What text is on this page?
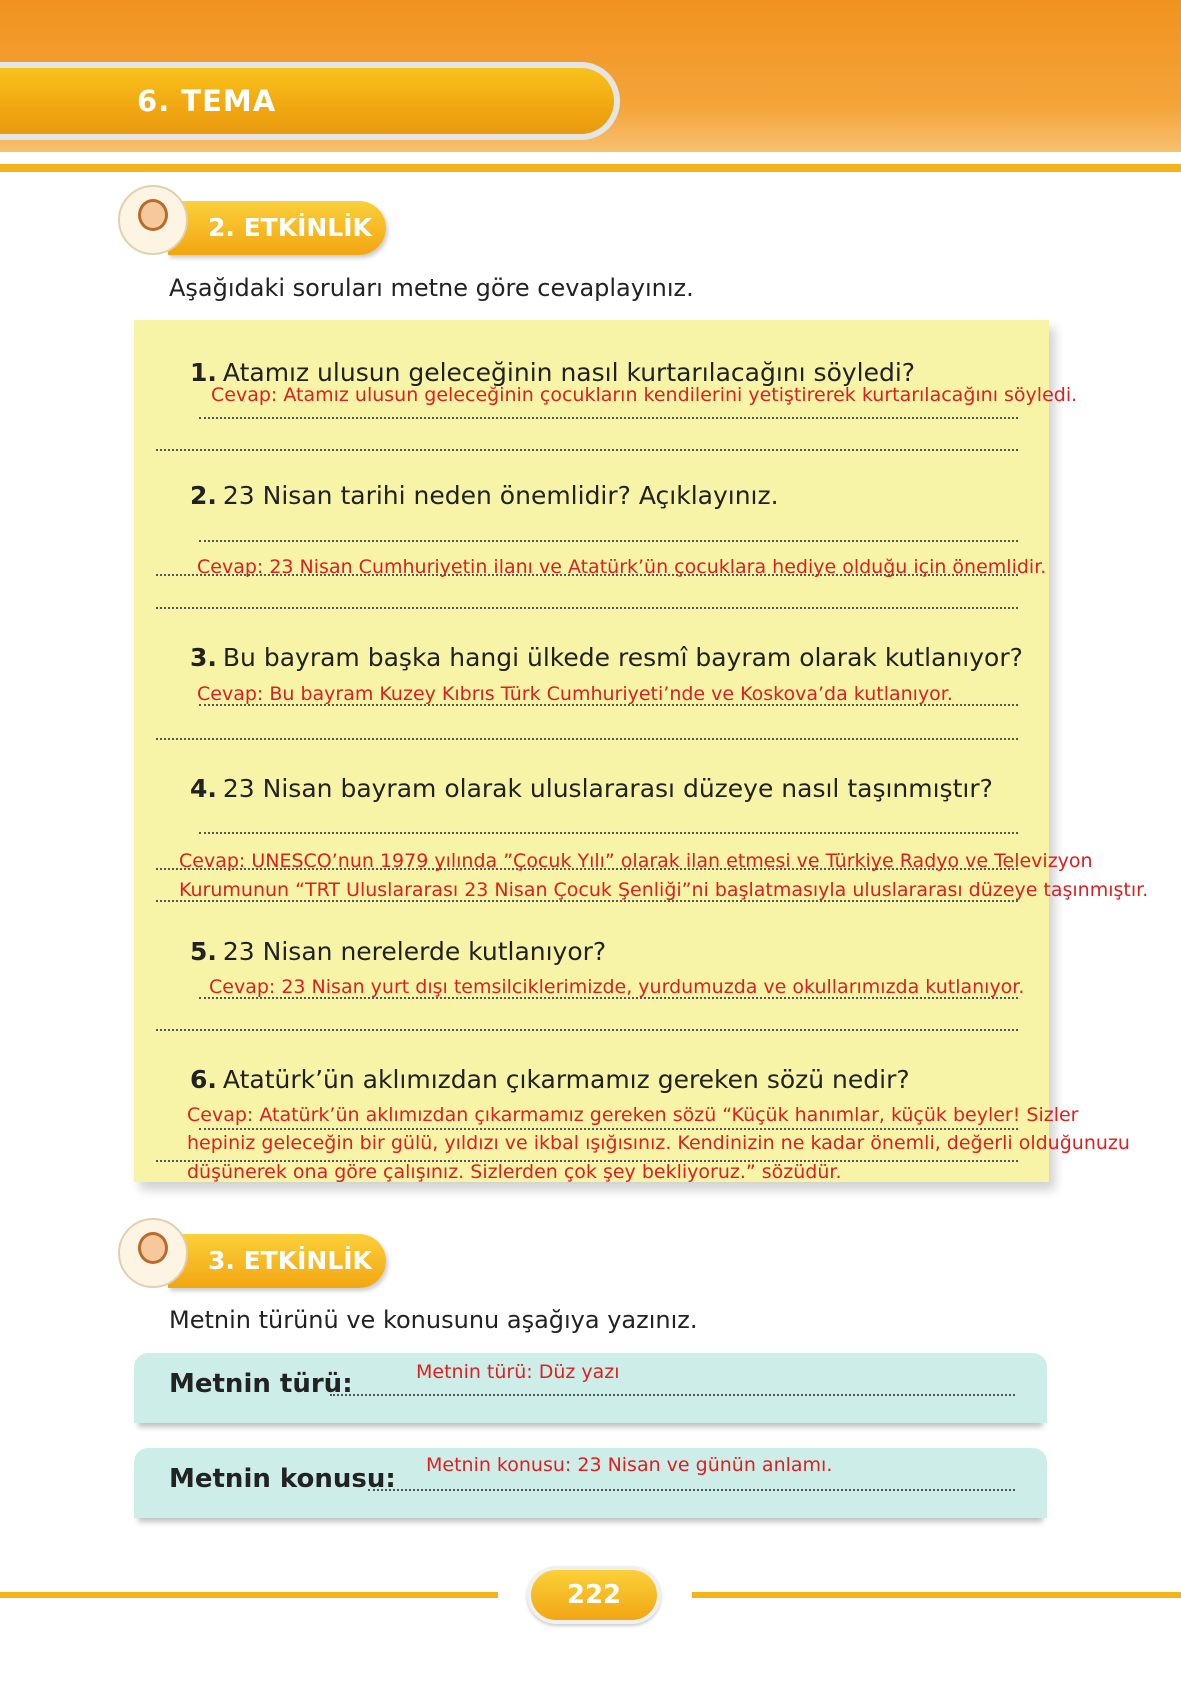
6. TEMA
2. ETKİNLİK
Aşağıdaki soruları metne göre cevaplayınız.
1. Atamız ulusun geleceğinin nasıl kurtarılacağını söyledi?
Cevap: Atamız ulusun geleceğinin çocukların kendilerini yetiştirerek kurtarılacağını söyledi.
2. 23 Nisan tarihi neden önemlidir? Açıklayınız.
Cevap: 23 Nisan Cumhuriyetin ilanı ve Atatürk’ün çocuklara hediye olduğu için önemlidir.
3. Bu bayram başka hangi ülkede resmî bayram olarak kutlanıyor?
Cevap: Bu bayram Kuzey Kıbrıs Türk Cumhuriyeti’nde ve Koskova’da kutlanıyor.
4. 23 Nisan bayram olarak uluslararası düzeye nasıl taşınmıştır?
Cevap: UNESCO’nun 1979 yılında ”Çocuk Yılı” olarak ilan etmesi ve Türkiye Radyo ve Televizyon
Kurumunun “TRT Uluslararası 23 Nisan Çocuk Şenliği”ni başlatmasıyla uluslararası düzeye taşınmıştır.
5. 23 Nisan nerelerde kutlanıyor?
Cevap: 23 Nisan yurt dışı temsilciklerimizde, yurdumuzda ve okullarımızda kutlanıyor.
6. Atatürk’ün aklımızdan çıkarmamız gereken sözü nedir?
Cevap: Atatürk’ün aklımızdan çıkarmamız gereken sözü “Küçük hanımlar, küçük beyler! Sizler
hepiniz geleceğin bir gülü, yıldızı ve ikbal ışığısınız. Kendinizin ne kadar önemli, değerli olduğunuzu
düşünerek ona göre çalışınız. Sizlerden çok şey bekliyoruz.” sözüdür.
3. ETKİNLİK
Metnin türünü ve konusunu aşağıya yazınız.
Metnin türü:	Metnin türü: Düz yazı
Metnin konusu: Metnin konusu: 23 Nisan ve günün anlamı.
222
